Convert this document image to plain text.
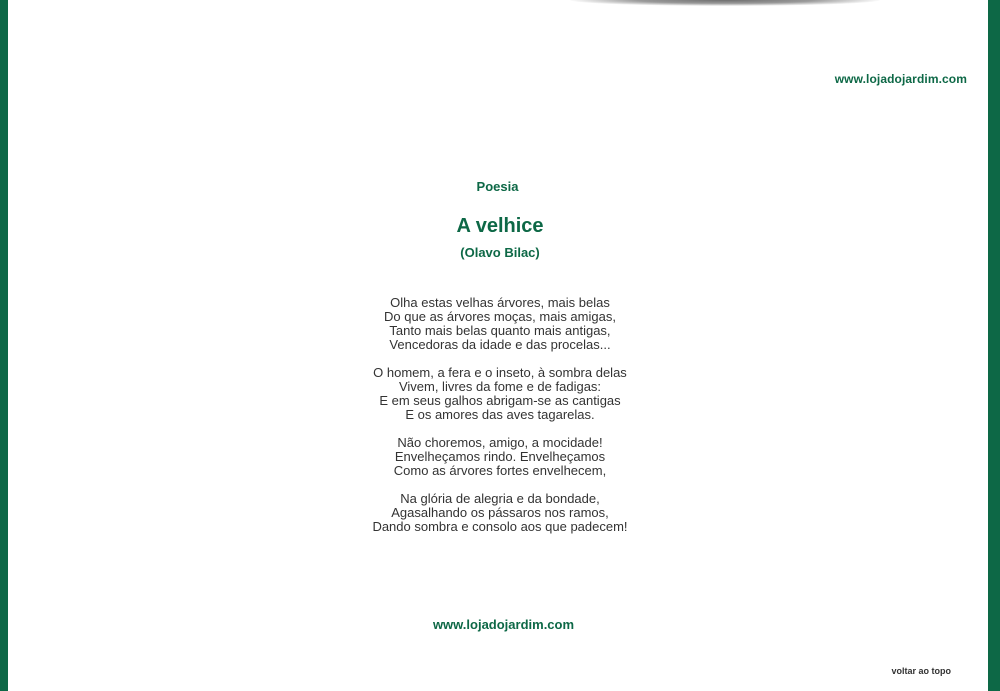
www.lojadojardim.com
Poesia
A velhice
(Olavo Bilac)

Olha estas velhas árvores, mais belas
Do que as árvores moças, mais amigas,
Tanto mais belas quanto mais antigas,
Vencedoras da idade e das procelas...

O homem, a fera e o inseto, à sombra delas
Vivem, livres da fome e de fadigas:
E em seus galhos abrigam-se as cantigas
E os amores das aves tagarelas.

Não choremos, amigo, a mocidade!
Envelheçamos rindo. Envelheçamos
Como as árvores fortes envelhecem,

Na glória de alegria e da bondade,
Agasalhando os pássaros nos ramos,
Dando sombra e consolo aos que padecem!

www.lojadojardim.com
voltar ao topo
